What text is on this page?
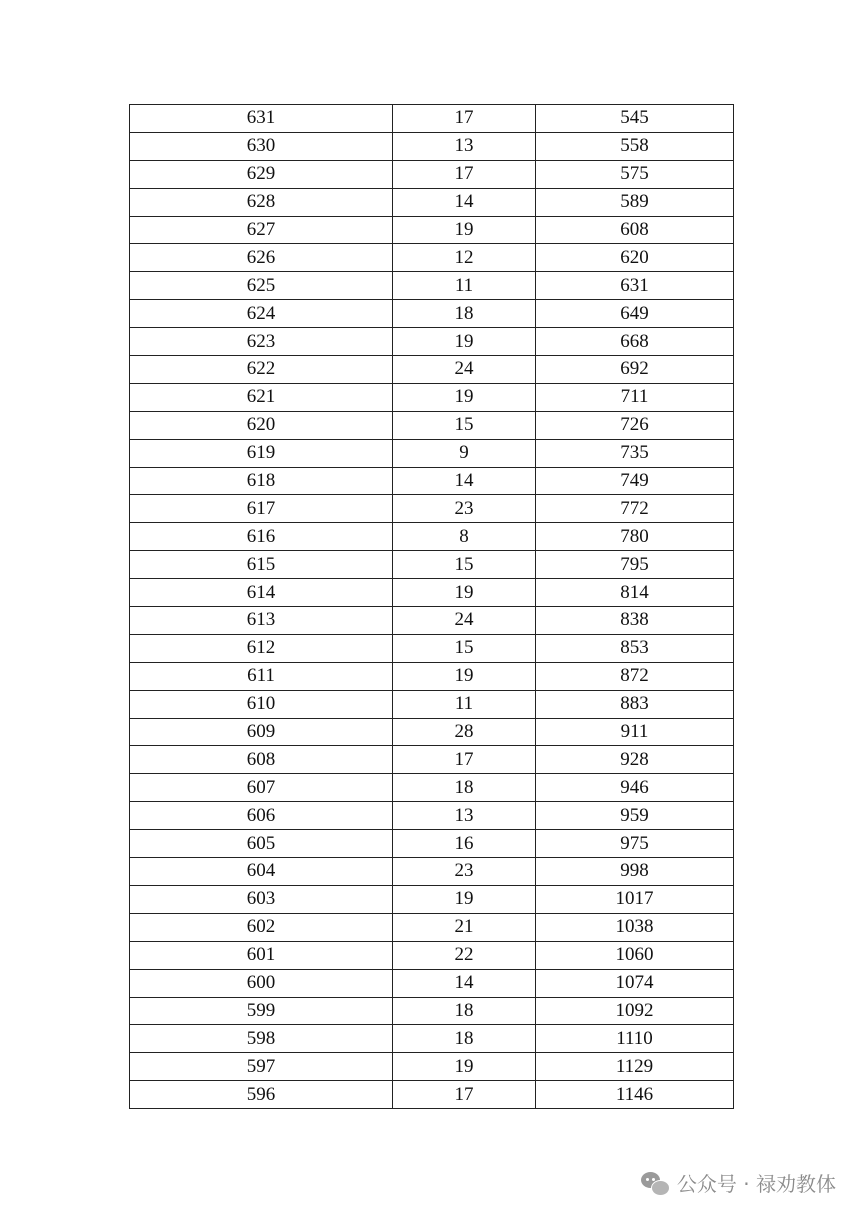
631	17	545
630	13	558
629	17	575
628	14	589
627	19	608
626	12	620
625	11	631
624	18	649
623	19	668
622	24	692
621	19	711
620	15	726
619	9	735
618	14	749
617	23	772
616	8	780
615	15	795
614	19	814
613	24	838
612	15	853
611	19	872
610	11	883
609	28	911
608	17	928
607	18	946
606	13	959
605	16	975
604	23	998
603	19	1017
602	21	1038
601	22	1060
600	14	1074
599	18	1092
598	18	1110
597	19	1129
596	17	1146
公众号 · 禄劝教体
